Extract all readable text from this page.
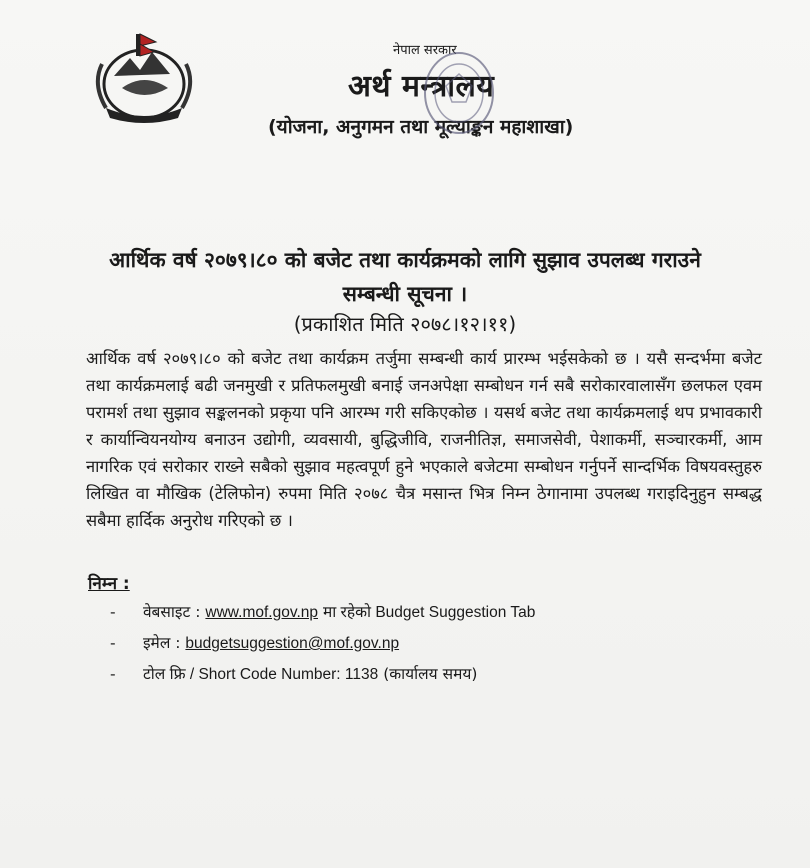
नेपाल सरकार
अर्थ मन्त्रालय
(योजना, अनुगमन तथा मूल्याङ्कन महाशाखा)
आर्थिक वर्ष २०७९।८० को बजेट तथा कार्यक्रमको लागि सुझाव उपलब्ध गराउने
सम्बन्धी सूचना ।
(प्रकाशित मिति २०७८।१२।११)
आर्थिक वर्ष २०७९।८० को बजेट तथा कार्यक्रम तर्जुमा सम्बन्धी कार्य प्रारम्भ भईसकेको छ । यसै सन्दर्भमा बजेट तथा कार्यक्रमलाई बढी जनमुखी र प्रतिफलमुखी बनाई जनअपेक्षा सम्बोधन गर्न सबै सरोकारवालासँग छलफल एवम परामर्श तथा सुझाव सङ्कलनको प्रकृया पनि आरम्भ गरी सकिएकोछ । यसर्थ बजेट तथा कार्यक्रमलाई थप प्रभावकारी र कार्यान्वियनयोग्य बनाउन उद्योगी, व्यवसायी, बुद्धिजीवि, राजनीतिज्ञ, समाजसेवी, पेशाकर्मी, सञ्चारकर्मी, आम नागरिक एवं सरोकार राख्ने सबैको सुझाव महत्वपूर्ण हुने भएकाले बजेटमा सम्बोधन गर्नुपर्ने सान्दर्भिक विषयवस्तुहरु लिखित वा मौखिक (टेलिफोन) रुपमा मिति २०७८ चैत्र मसान्त भित्र निम्न ठेगानामा उपलब्ध गराइदिनुहुन सम्बद्ध सबैमा हार्दिक अनुरोध गरिएको छ ।
निम्न :
- वेबसाइट : www.mof.gov.np मा रहेको Budget Suggestion Tab
- इमेल : budgetsuggestion@mof.gov.np
- टोल फ्रि / Short Code Number: 1138 (कार्यालय समय)
